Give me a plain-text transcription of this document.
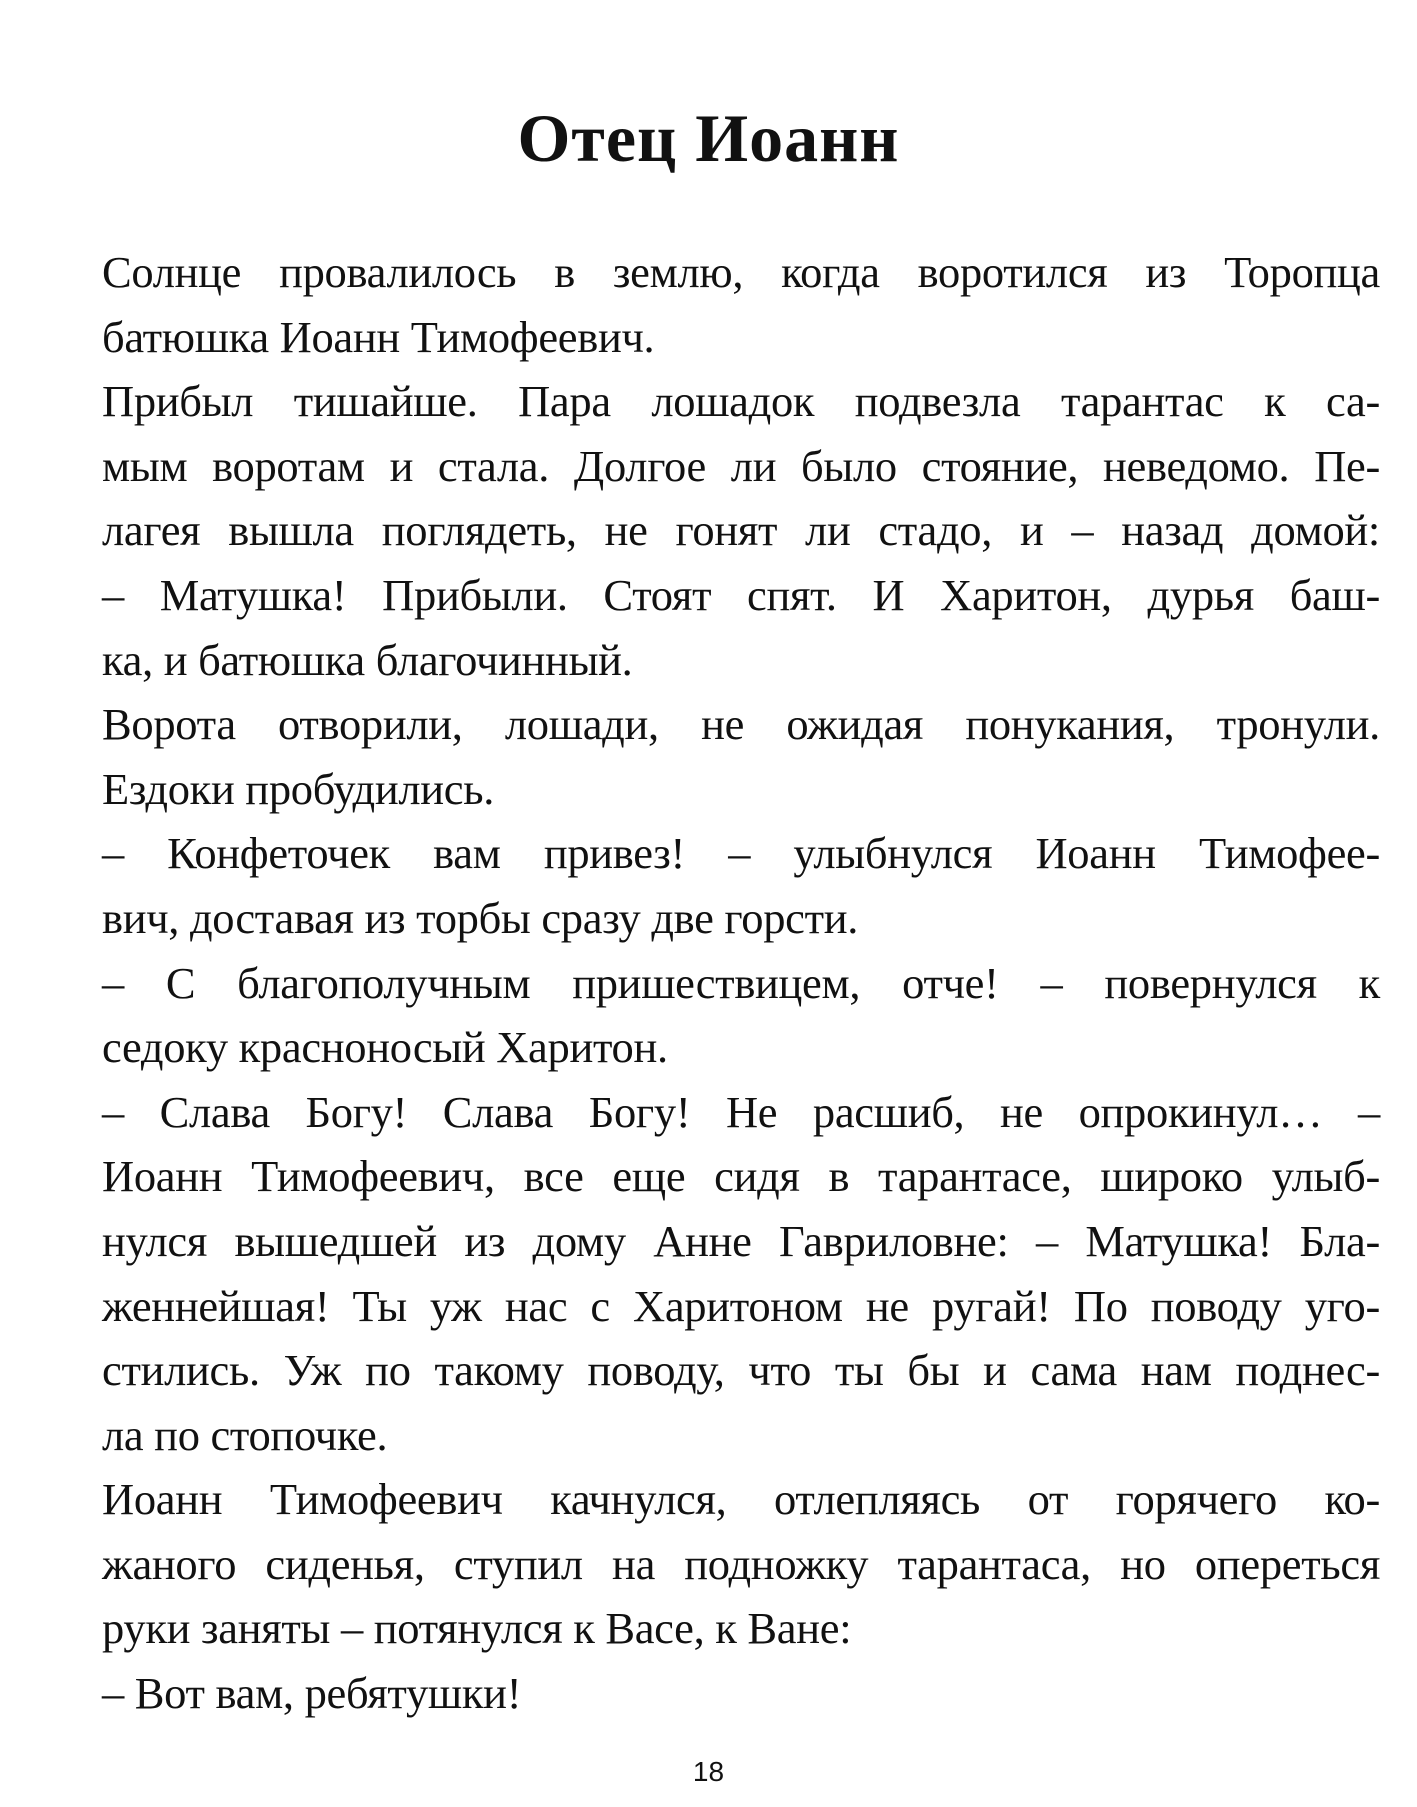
Отец Иоанн

Солнце провалилось в землю, когда воротился из Торопца
батюшка Иоанн Тимофеевич.

Прибыл тишайше. Пара лошадок подвезла тарантас к са-
мым воротам и стала. Долгое ли было стояние, неведомо. Пе-
лагея вышла поглядеть, не гонят ли стадо, и – назад домой:

– Матушка! Прибыли. Стоят спят. И Харитон, дурья баш-
ка, и батюшка благочинный.

Ворота отворили, лошади, не ожидая понукания, тронули.
Ездоки пробудились.

– Конфеточек вам привез! – улыбнулся Иоанн Тимофее-
вич, доставая из торбы сразу две горсти.

– С благополучным пришествицем, отче! – повернулся к
седоку красноносый Харитон.

– Слава Богу! Слава Богу! Не расшиб, не опрокинул… –
Иоанн Тимофеевич, все еще сидя в тарантасе, широко улыб-
нулся вышедшей из дому Анне Гавриловне: – Матушка! Бла-
женнейшая! Ты уж нас с Харитоном не ругай! По поводу уго-
стились. Уж по такому поводу, что ты бы и сама нам поднес-
ла по стопочке.

Иоанн Тимофеевич качнулся, отлепляясь от горячего ко-
жаного сиденья, ступил на подножку тарантаса, но опереться
руки заняты – потянулся к Васе, к Ване:

– Вот вам, ребятушки!

18
